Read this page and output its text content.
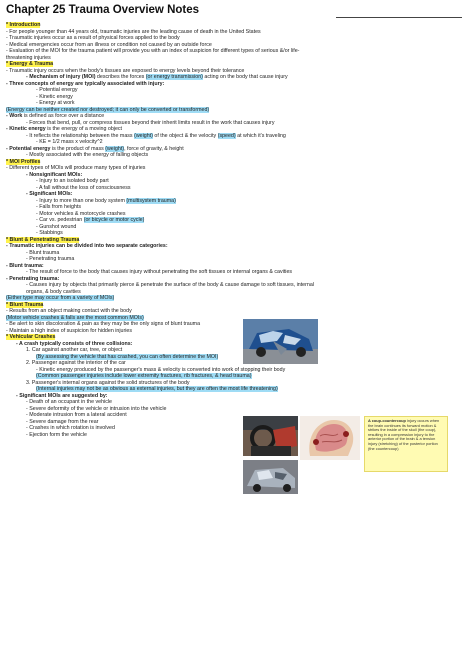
Chapter 25 Trauma Overview Notes
* Introduction
- For people younger than 44 years old, traumatic injuries are the leading cause of death in the United States
- Traumatic injuries occur as a result of physical forces applied to the body
- Medical emergencies occur from an illness or condition not caused by an outside force
- Evaluation of the MOI for the trauma patient will provide you with an index of suspicion for different types of serious &/or life-
threatening injuries
* Energy & Trauma
- Traumatic injury occurs when the body's tissues are exposed to energy levels beyond their tolerance
- Mechanism of injury (MOI) describes the forces (or energy transmission) acting on the body that cause injury
- Three concepts of energy are typically associated with injury:
- Potential energy
- Kinetic energy
- Energy at work
(Energy can be neither created nor destroyed; it can only be converted or transformed)
- Work is defined as force over a distance
- Forces that bend, pull, or compress tissues beyond their inherit limits result in the work that causes injury
- Kinetic energy is the energy of a moving object
- It reflects the relationship between the mass (weight) of the object & the velocity (speed) at which it's traveling
- KE = 1/2 mass x velocity^2
- Potential energy is the product of mass (weight), force of gravity, & height
- Mostly associated with the energy of falling objects
* MOI Profiles
- Different types of MOIs will produce many types of injuries
- Nonsignificant MOIs:
- Injury to an isolated body part
- A fall without the loss of consciousness
- Significant MOIs:
- Injury to more than one body system (multisystem trauma)
- Falls from heights
- Motor vehicles & motorcycle crashes
- Car vs. pedestrian (or bicycle or motor cycle)
- Gunshot wound
- Stabbings
* Blunt & Penetrating Trauma
- Traumatic injuries can be divided into two separate categories:
- Blunt trauma
- Penetrating trauma
- Blunt trauma:
- The result of force to the body that causes injury without penetrating the soft tissues or internal organs & cavities
- Penetrating trauma:
- Causes injury by objects that primarily pierce & penetrate the surface of the body & cause damage to soft tissues, internal
organs, & body cavities
(Either type may occur from a variety of MOIs)
* Blunt Trauma
- Results from an object making contact with the body
(Motor vehicle crashes & falls are the most common MOIs)
- Be alert to skin discoloration & pain as they may be the only signs of blunt trauma
- Maintain a high index of suspicion for hidden injuries
* Vehicular Crashes
- A crash typically consists of three collisions:
1. Car against another car, tree, or object
(By assessing the vehicle that has crashed, you can often determine the MOI)
2. Passenger against the interior of the car
- Kinetic energy produced by the passenger's mass & velocity is converted into work of stopping their body
(Common passenger injuries include lower extremity fractures, rib fractures, & head trauma)
3. Passenger's internal organs against the solid structures of the body
(Internal injuries may not be as obvious as external injuries, but they are often the most life threatening)
- Significant MOIs are suggested by:
- Death of an occupant in the vehicle
- Severe deformity of the vehicle or intrusion into the vehicle
- Moderate intrusion from a lateral accident
- Severe damage from the rear
- Crashes in which rotation is involved
- Ejection form the vehicle
A coup-countercoup injury occurs when the brain continues its forward motion & strikes the inside of the skull (the coup), resulting in a compression injury to the anterior portion of the brain & a tension injury (stretching) of the posterior portion (the countercoup)
